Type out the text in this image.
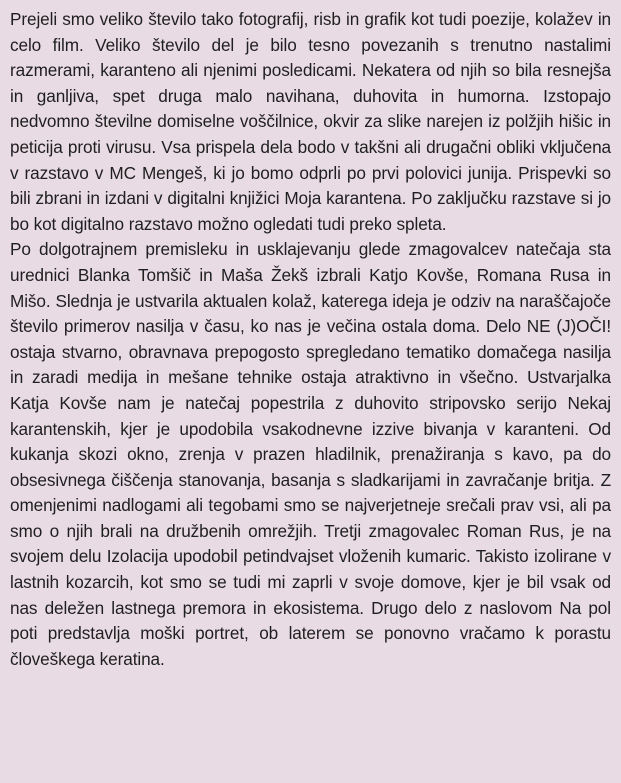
Prejeli smo veliko število tako fotografij, risb in grafik kot tudi poezije, kolažev in celo film. Veliko število del je bilo tesno povezanih s trenutno nastalimi razmerami, karanteno ali njenimi posledicami. Nekatera od njih so bila resnejša in ganljiva, spet druga malo navihana, duhovita in humorna. Izstopajo nedvomno številne domiselne voščilnice, okvir za slike narejen iz polžjih hišic in peticija proti virusu. Vsa prispela dela bodo v takšni ali drugačni obliki vključena v razstavo v MC Mengeš, ki jo bomo odprli po prvi polovici junija. Prispevki so bili zbrani in izdani v digitalni knjižici Moja karantena. Po zaključku razstave si jo bo kot digitalno razstavo možno ogledati tudi preko spleta.

Po dolgotrajnem premisleku in usklajevanju glede zmagovalcev natečaja sta urednici Blanka Tomšič in Maša Žekš izbrali Katjo Kovše, Romana Rusa in Mišo. Slednja je ustvarila aktualen kolaž, katerega ideja je odziv na naraščajoče število primerov nasilja v času, ko nas je večina ostala doma. Delo NE (J)OČI! ostaja stvarno, obravnava prepogosto spregledano tematiko domačega nasilja in zaradi medija in mešane tehnike ostaja atraktivno in všečno. Ustvarjalka Katja Kovše nam je natečaj popestrila z duhovito stripovsko serijo Nekaj karantenskih, kjer je upodobila vsakodnevne izzive bivanja v karanteni. Od kukanja skozi okno, zrenja v prazen hladilnik, prenažiranja s kavo, pa do obsesivnega čiščenja stanovanja, basanja s sladkarijami in zavračanje britja. Z omenjenimi nadlogami ali tegobami smo se najverjetneje srečali prav vsi, ali pa smo o njih brali na družbenih omrežjih. Tretji zmagovalec Roman Rus, je na svojem delu Izolacija upodobil petindvajset vloženih kumaric. Takisto izolirane v lastnih kozarcih, kot smo se tudi mi zaprli v svoje domove, kjer je bil vsak od nas deležen lastnega premora in ekosistema. Drugo delo z naslovom Na pol poti predstavlja moški portret, ob laterem se ponovno vračamo k porastu človeškega keratina.
